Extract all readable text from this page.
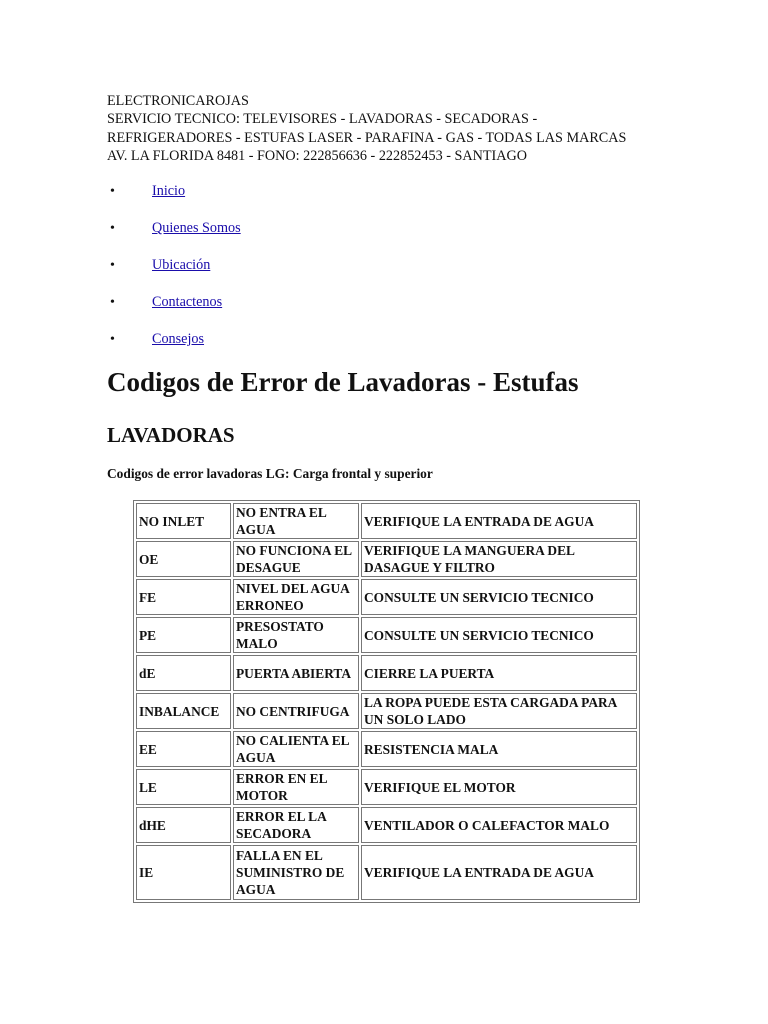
ELECTRONICAROJAS
SERVICIO TECNICO: TELEVISORES - LAVADORAS - SECADORAS -
REFRIGERADORES - ESTUFAS LASER - PARAFINA - GAS - TODAS LAS MARCAS
AV. LA FLORIDA 8481 - FONO: 222856636 - 222852453 - SANTIAGO
•	Inicio
•	Quienes Somos
•	Ubicación
•	Contactenos
•	Consejos
Codigos de Error de Lavadoras - Estufas
LAVADORAS
Codigos de error lavadoras LG: Carga frontal y superior
NO INLET	NO ENTRA EL AGUA	VERIFIQUE LA ENTRADA DE AGUA
OE	NO FUNCIONA EL DESAGUE	VERIFIQUE LA MANGUERA DEL DASAGUE Y FILTRO
FE	NIVEL DEL AGUA ERRONEO	CONSULTE UN SERVICIO TECNICO
PE	PRESOSTATO MALO	CONSULTE UN SERVICIO TECNICO
dE	PUERTA ABIERTA	CIERRE LA PUERTA
INBALANCE	NO CENTRIFUGA	LA ROPA PUEDE ESTA CARGADA PARA UN SOLO LADO
EE	NO CALIENTA EL AGUA	RESISTENCIA MALA
LE	ERROR EN EL MOTOR	VERIFIQUE EL MOTOR
dHE	ERROR EL LA SECADORA	VENTILADOR O CALEFACTOR MALO
IE	FALLA EN EL SUMINISTRO DE AGUA	VERIFIQUE LA ENTRADA DE AGUA
